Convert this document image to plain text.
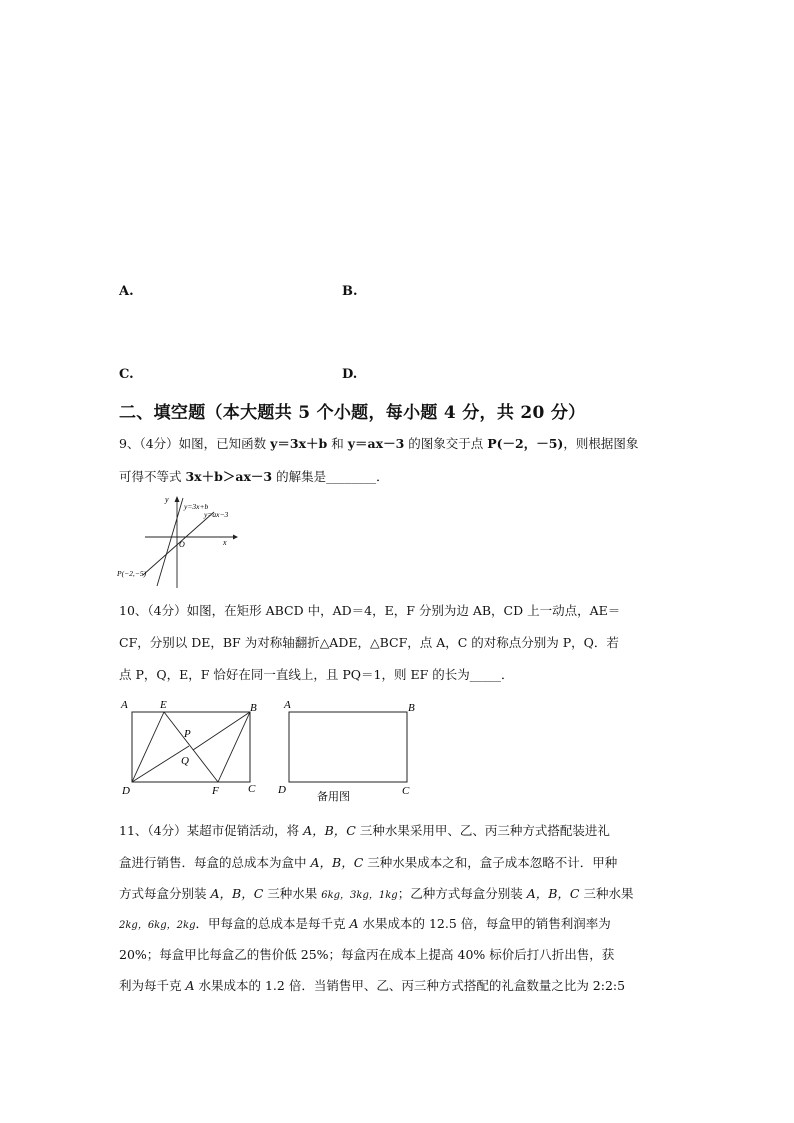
A.	B.
C.	D.
二、填空题（本大题共 5 个小题，每小题 4 分，共 20 分）
9、（4分）如图，已知函数 y＝3x＋b 和 y＝ax－3 的图象交于点 P(－2，－5)，则根据图象
可得不等式 3x＋b＞ax－3 的解集是________．
y
x
O
y=3x+b
y=ax−3
P(−2,−5)
10、（4分）如图，在矩形 ABCD 中，AD＝4，E，F 分别为边 AB，CD 上一动点，AE＝
CF，分别以 DE，BF 为对称轴翻折△ADE，△BCF，点 A，C 的对称点分别为 P，Q．若
点 P，Q，E，F 恰好在同一直线上，且 PQ＝1，则 EF 的长为_____．
A	E	B
P
Q
D	F	C
A	B
D	C
备用图
11、（4分）某超市促销活动，将 A，B，C 三种水果采用甲、乙、丙三种方式搭配装进礼
盒进行销售．每盒的总成本为盒中 A，B，C 三种水果成本之和，盒子成本忽略不计．甲种
方式每盒分别装 A，B，C 三种水果 6kg，3kg，1kg；乙种方式每盒分别装 A，B，C 三种水果
2kg，6kg，2kg．甲每盒的总成本是每千克 A 水果成本的 12.5 倍，每盒甲的销售利润率为
20%；每盒甲比每盒乙的售价低 25%；每盒丙在成本上提高 40% 标价后打八折出售，获
利为每千克 A 水果成本的 1.2 倍．当销售甲、乙、丙三种方式搭配的礼盒数量之比为 2:2:5
